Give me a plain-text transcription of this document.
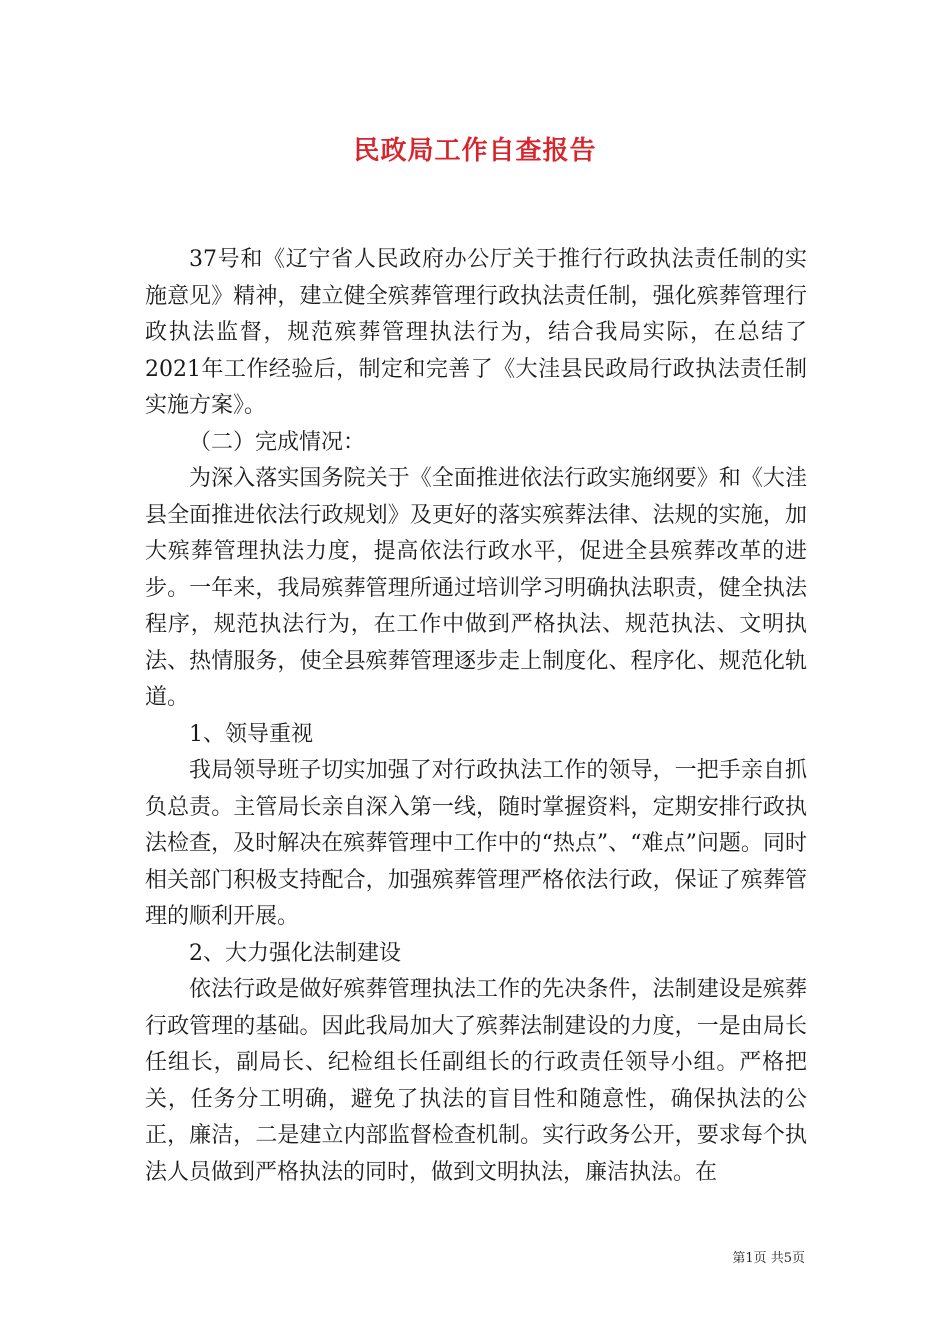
民政局工作自查报告

37号和《辽宁省人民政府办公厅关于推行行政执法责任制的实施意见》精神，建立健全殡葬管理行政执法责任制，强化殡葬管理行政执法监督，规范殡葬管理执法行为，结合我局实际，在总结了2021年工作经验后，制定和完善了《大洼县民政局行政执法责任制实施方案》。

（二）完成情况：

为深入落实国务院关于《全面推进依法行政实施纲要》和《大洼县全面推进依法行政规划》及更好的落实殡葬法律、法规的实施，加大殡葬管理执法力度，提高依法行政水平，促进全县殡葬改革的进步。一年来，我局殡葬管理所通过培训学习明确执法职责，健全执法程序，规范执法行为，在工作中做到严格执法、规范执法、文明执法、热情服务，使全县殡葬管理逐步走上制度化、程序化、规范化轨道。

1、领导重视

我局领导班子切实加强了对行政执法工作的领导，一把手亲自抓负总责。主管局长亲自深入第一线，随时掌握资料，定期安排行政执法检查，及时解决在殡葬管理中工作中的“热点”、“难点”问题。同时相关部门积极支持配合，加强殡葬管理严格依法行政，保证了殡葬管理的顺利开展。

2、大力强化法制建设

依法行政是做好殡葬管理执法工作的先决条件，法制建设是殡葬行政管理的基础。因此我局加大了殡葬法制建设的力度，一是由局长任组长，副局长、纪检组长任副组长的行政责任领导小组。严格把关，任务分工明确，避免了执法的盲目性和随意性，确保执法的公正，廉洁，二是建立内部监督检查机制。实行政务公开，要求每个执法人员做到严格执法的同时，做到文明执法，廉洁执法。在

第1页 共5页
